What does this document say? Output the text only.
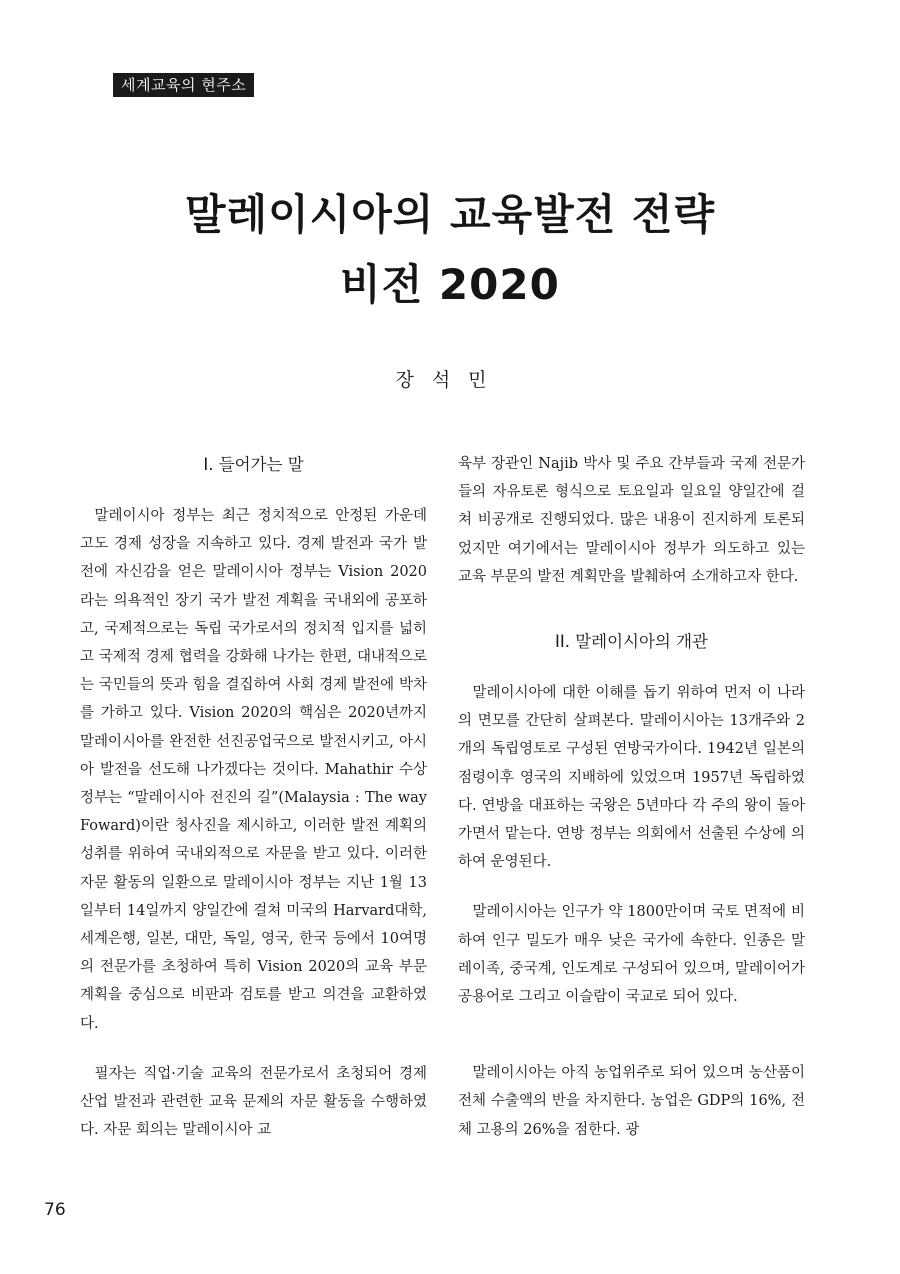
세계교육의 현주소
말레이시아의 교육발전 전략
비전 2020
장석민
I. 들어가는 말

말레이시아 정부는 최근 정치적으로 안정된 가운데 고도 경제 성장을 지속하고 있다. 경제 발전과 국가 발전에 자신감을 얻은 말레이시아 정부는 Vision 2020라는 의욕적인 장기 국가 발전 계획을 국내외에 공포하고, 국제적으로는 독립 국가로서의 정치적 입지를 넓히고 국제적 경제 협력을 강화해 나가는 한편, 대내적으로는 국민들의 뜻과 힘을 결집하여 사회 경제 발전에 박차를 가하고 있다. Vision 2020의 핵심은 2020년까지 말레이시아를 완전한 선진공업국으로 발전시키고, 아시아 발전을 선도해 나가겠다는 것이다. Mahathir 수상 정부는 “말레이시아 전진의 길”(Malaysia : The way Foward)이란 청사진을 제시하고, 이러한 발전 계획의 성취를 위하여 국내외적으로 자문을 받고 있다. 이러한 자문 활동의 일환으로 말레이시아 정부는 지난 1월 13일부터 14일까지 양일간에 걸쳐 미국의 Harvard대학, 세계은행, 일본, 대만, 독일, 영국, 한국 등에서 10여명의 전문가를 초청하여 특히 Vision 2020의 교육 부문 계획을 중심으로 비판과 검토를 받고 의견을 교환하였다.

필자는 직업·기술 교육의 전문가로서 초청되어 경제 산업 발전과 관련한 교육 문제의 자문 활동을 수행하였다. 자문 회의는 말레이시아 교

육부 장관인 Najib 박사 및 주요 간부들과 국제 전문가들의 자유토론 형식으로 토요일과 일요일 양일간에 걸쳐 비공개로 진행되었다. 많은 내용이 진지하게 토론되었지만 여기에서는 말레이시아 정부가 의도하고 있는 교육 부문의 발전 계획만을 발췌하여 소개하고자 한다.

II. 말레이시아의 개관

말레이시아에 대한 이해를 돕기 위하여 먼저 이 나라의 면모를 간단히 살펴본다. 말레이시아는 13개주와 2개의 독립영토로 구성된 연방국가이다. 1942년 일본의 점령이후 영국의 지배하에 있었으며 1957년 독립하였다. 연방을 대표하는 국왕은 5년마다 각 주의 왕이 돌아가면서 맡는다. 연방 정부는 의회에서 선출된 수상에 의하여 운영된다.

말레이시아는 인구가 약 1800만이며 국토 면적에 비하여 인구 밀도가 매우 낮은 국가에 속한다. 인종은 말레이족, 중국계, 인도계로 구성되어 있으며, 말레이어가 공용어로 그리고 이슬람이 국교로 되어 있다.

말레이시아는 아직 농업위주로 되어 있으며 농산품이 전체 수출액의 반을 차지한다. 농업은 GDP의 16%, 전체 고용의 26%을 점한다. 광

76
